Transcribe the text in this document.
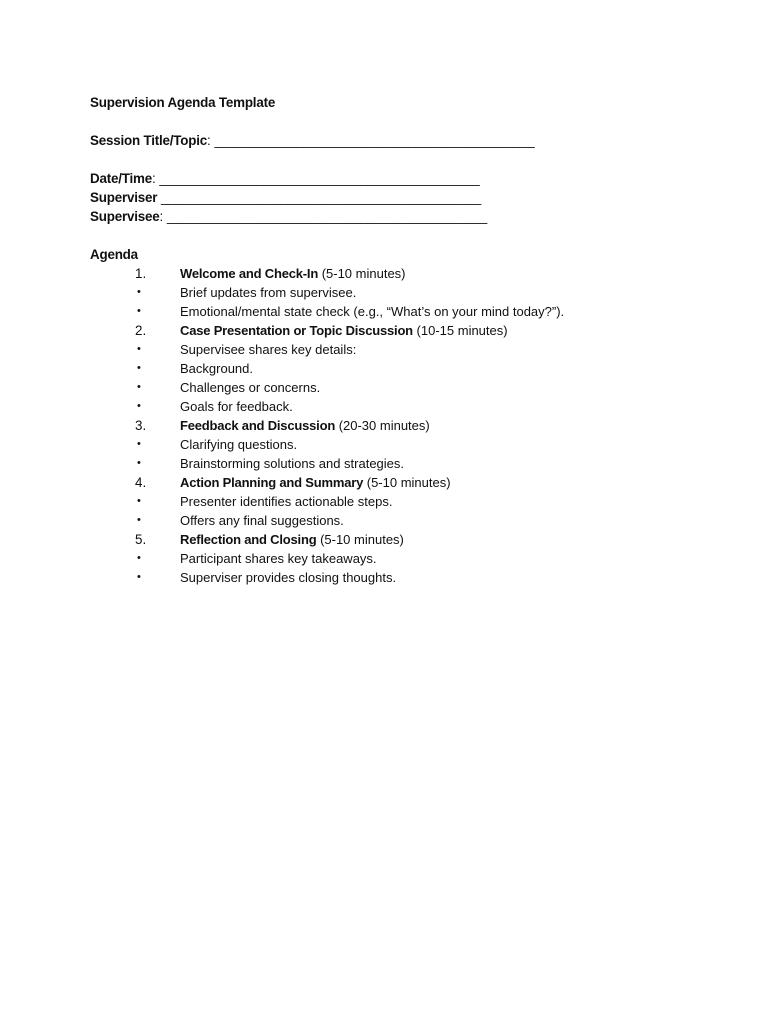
Supervision Agenda Template
Session Title/Topic: ___________________________________________
Date/Time: ___________________________________________
Superviser ___________________________________________
Supervisee: ___________________________________________
Agenda
1.	Welcome and Check-In (5-10 minutes)
•	Brief updates from supervisee.
•	Emotional/mental state check (e.g., “What’s on your mind today?”).
2.	Case Presentation or Topic Discussion (10-15 minutes)
•	Supervisee shares key details:
•	Background.
•	Challenges or concerns.
•	Goals for feedback.
3.	Feedback and Discussion (20-30 minutes)
•	Clarifying questions.
•	Brainstorming solutions and strategies.
4.	Action Planning and Summary (5-10 minutes)
•	Presenter identifies actionable steps.
•	Offers any final suggestions.
5.	Reflection and Closing (5-10 minutes)
•	Participant shares key takeaways.
•	Superviser provides closing thoughts.
